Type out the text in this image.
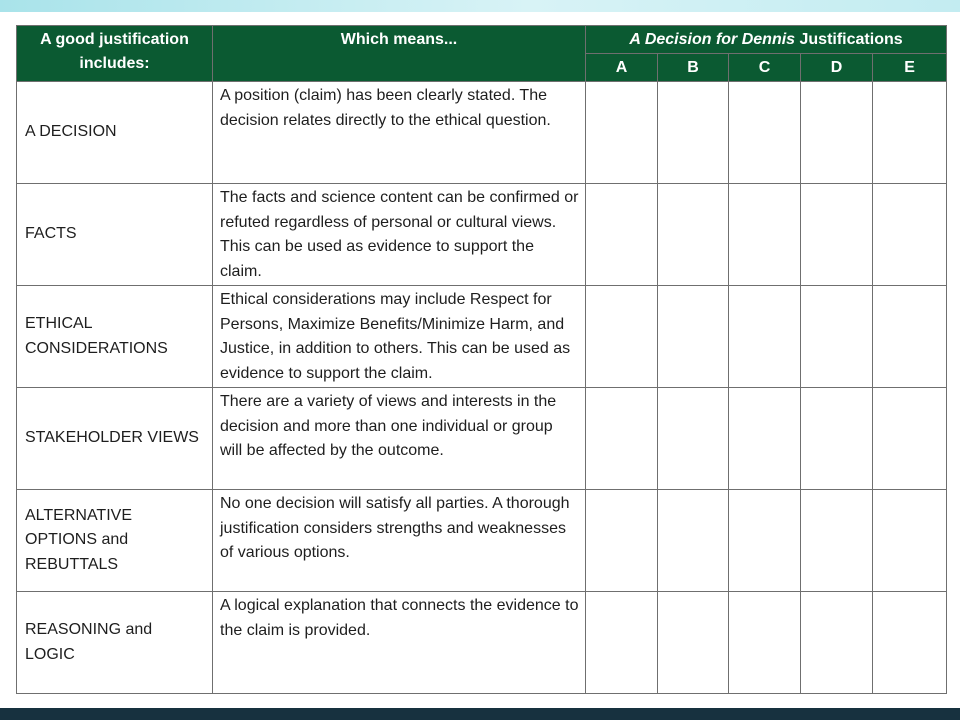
A good justification includes:	Which means...	A Decision for Dennis Justifications				
		A	B	C	D	E
A DECISION	A position (claim) has been clearly stated. The decision relates directly to the ethical question.					
FACTS	The facts and science content can be confirmed or refuted regardless of personal or cultural views. This can be used as evidence to support the claim.					
ETHICAL CONSIDERATIONS	Ethical considerations may include Respect for Persons, Maximize Benefits/Minimize Harm, and Justice, in addition to others. This can be used as evidence to support the claim.					
STAKEHOLDER VIEWS	There are a variety of views and interests in the decision and more than one individual or group will be affected by the outcome.					
ALTERNATIVE OPTIONS and REBUTTALS	No one decision will satisfy all parties. A thorough justification considers strengths and weaknesses of various options.					
REASONING and LOGIC	A logical explanation that connects the evidence to the claim is provided.					
